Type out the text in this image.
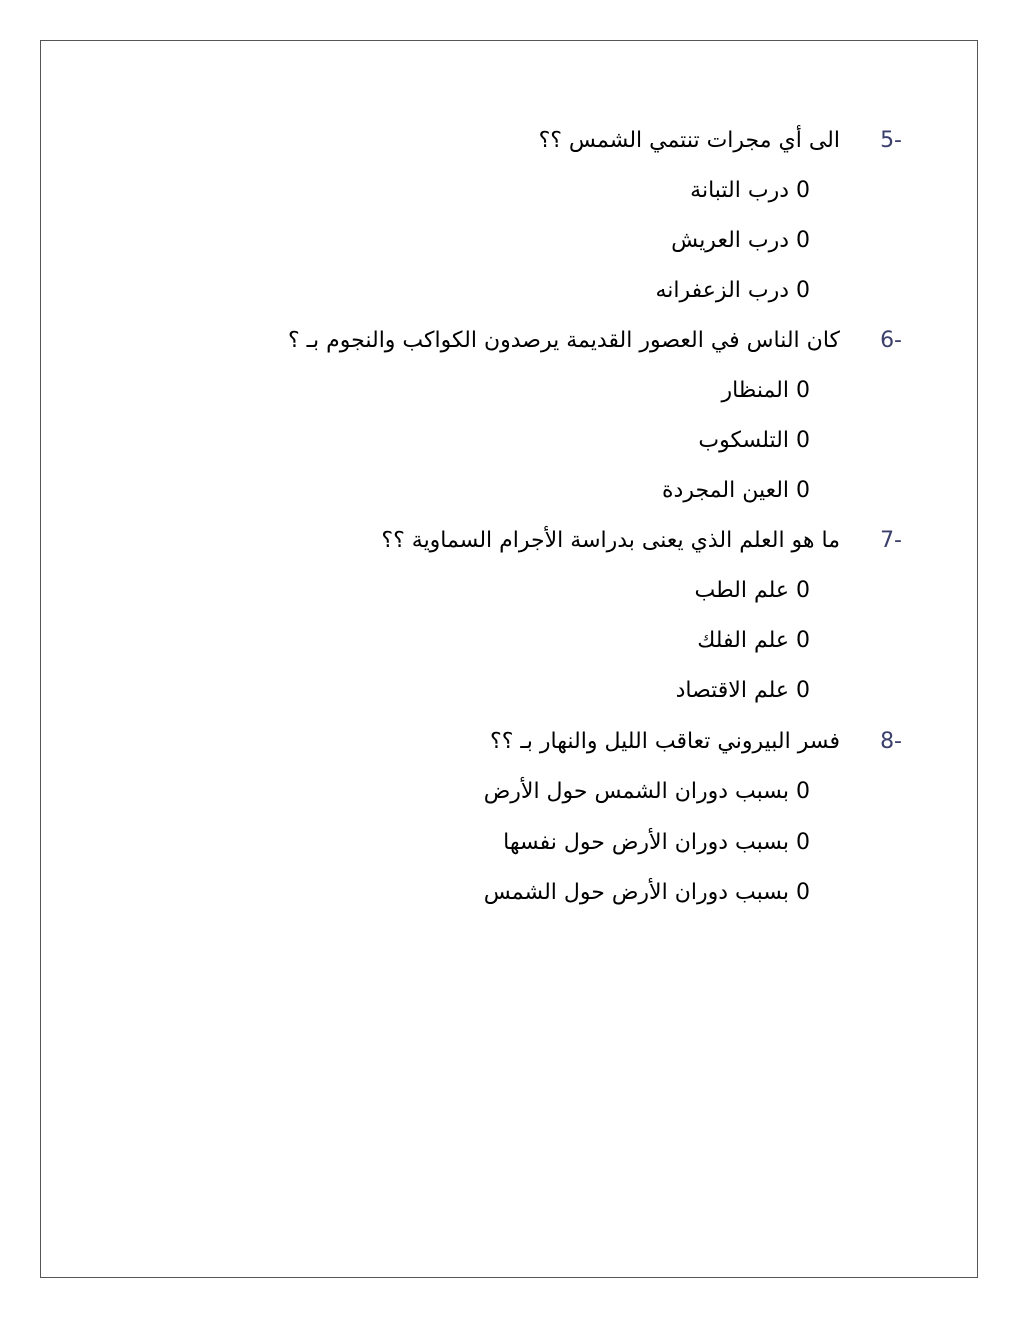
5-
الى أي مجرات تنتمي الشمس ؟؟
0 درب التبانة
0 درب العريش
0 درب الزعفرانه
6-
كان الناس في العصور القديمة يرصدون الكواكب والنجوم بـ ؟
0 المنظار
0 التلسكوب
0 العين المجردة
7-
ما هو العلم الذي يعنى بدراسة الأجرام السماوية ؟؟
0 علم الطب
0 علم الفلك
0 علم الاقتصاد
8-
فسر البيروني تعاقب الليل والنهار بـ ؟؟
0 بسبب دوران الشمس حول الأرض
0 بسبب دوران الأرض حول نفسها
0 بسبب دوران الأرض حول الشمس
